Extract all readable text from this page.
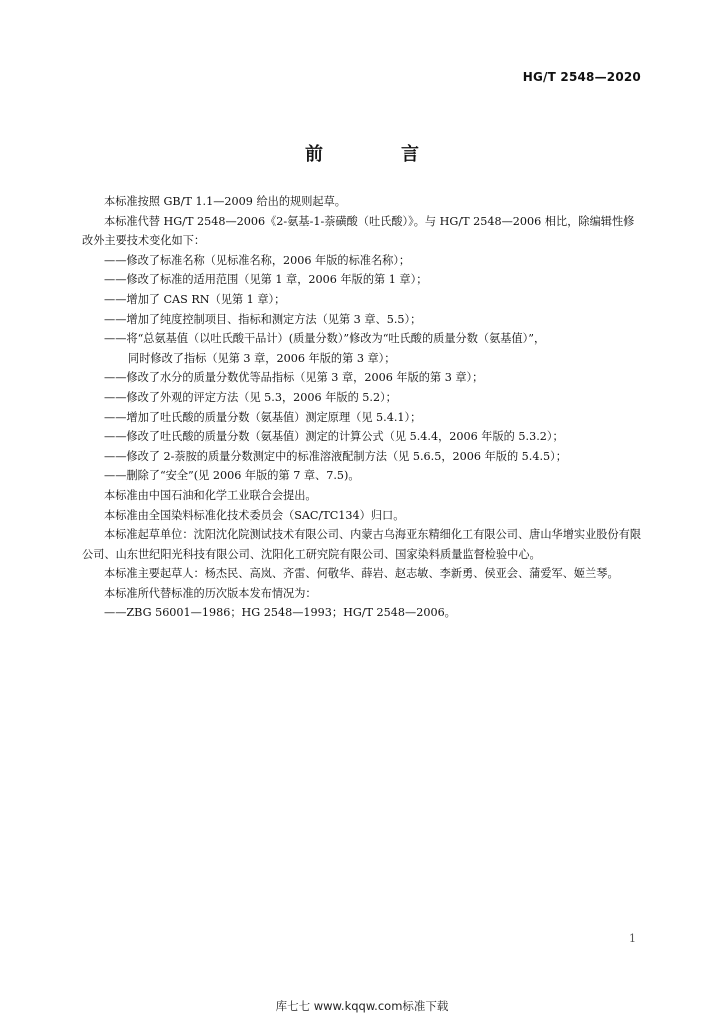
HG/T 2548—2020
前　言

本标准按照 GB/T 1.1—2009 给出的规则起草。

本标准代替 HG/T 2548—2006《2-氨基-1-萘磺酸（吐氏酸）》。与 HG/T 2548—2006 相比，除编辑性修改外主要技术变化如下：

——修改了标准名称（见标准名称，2006 年版的标准名称）；

——修改了标准的适用范围（见第 1 章，2006 年版的第 1 章）；

——增加了 CAS RN（见第 1 章）；

——增加了纯度控制项目、指标和测定方法（见第 3 章、5.5）；

——将“总氨基值（以吐氏酸干品计）(质量分数）”修改为“吐氏酸的质量分数（氨基值）”，

同时修改了指标（见第 3 章，2006 年版的第 3 章）；

——修改了水分的质量分数优等品指标（见第 3 章，2006 年版的第 3 章）；

——修改了外观的评定方法（见 5.3，2006 年版的 5.2）；

——增加了吐氏酸的质量分数（氨基值）测定原理（见 5.4.1）；

——修改了吐氏酸的质量分数（氨基值）测定的计算公式（见 5.4.4，2006 年版的 5.3.2）；

——修改了 2-萘胺的质量分数测定中的标准溶液配制方法（见 5.6.5，2006 年版的 5.4.5）；

——删除了“安全”(见 2006 年版的第 7 章、7.5)。

本标准由中国石油和化学工业联合会提出。

本标准由全国染料标准化技术委员会（SAC/TC134）归口。

本标准起草单位：沈阳沈化院测试技术有限公司、内蒙古乌海亚东精细化工有限公司、唐山华增实业股份有限公司、山东世纪阳光科技有限公司、沈阳化工研究院有限公司、国家染料质量监督检验中心。

本标准主要起草人：杨杰民、高岚、齐雷、何敬华、薛岩、赵志敏、李新勇、侯亚会、蒲爱军、姬兰琴。

本标准所代替标准的历次版本发布情况为：

——ZBG 56001—1986；HG 2548—1993；HG/T 2548—2006。

1
库七七 www.kqqw.com标准下载
